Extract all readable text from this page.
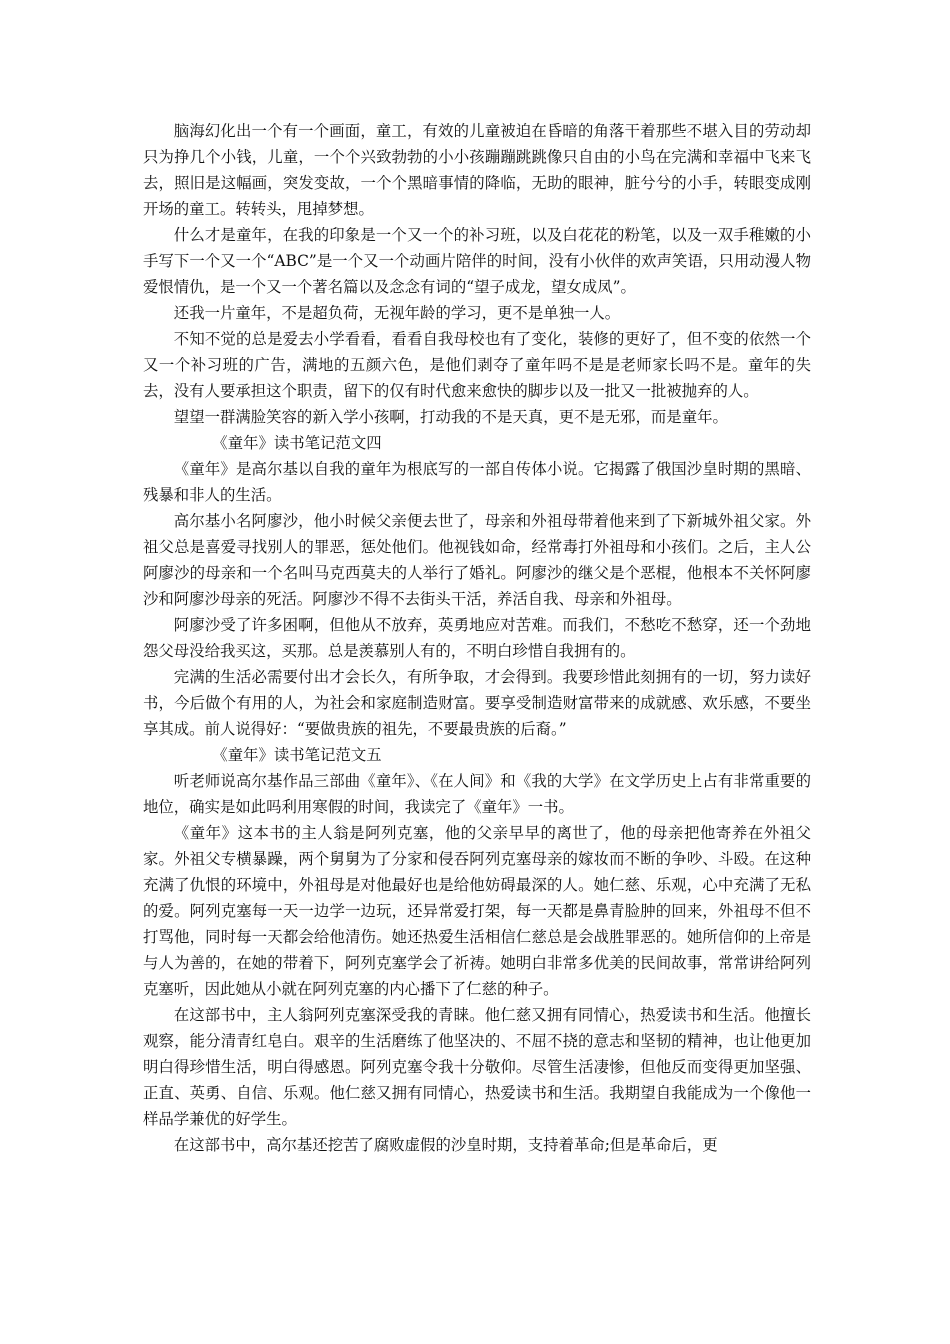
脑海幻化出一个有一个画面，童工，有效的儿童被迫在昏暗的角落干着那些不堪入目的劳动却只为挣几个小钱，儿童，一个个兴致勃勃的小小孩蹦蹦跳跳像只自由的小鸟在完满和幸福中飞来飞去，照旧是这幅画，突发变故，一个个黑暗事情的降临，无助的眼神，脏兮兮的小手，转眼变成刚开场的童工。转转头，甩掉梦想。

什么才是童年，在我的印象是一个又一个的补习班，以及白花花的粉笔，以及一双手稚嫩的小手写下一个又一个“ABC”是一个又一个动画片陪伴的时间，没有小伙伴的欢声笑语，只用动漫人物爱恨情仇，是一个又一个著名篇以及念念有词的“望子成龙，望女成凤”。

还我一片童年，不是超负荷，无视年龄的学习，更不是单独一人。

不知不觉的总是爱去小学看看，看看自我母校也有了变化，装修的更好了，但不变的依然一个又一个补习班的广告，满地的五颜六色，是他们剥夺了童年吗不是是老师家长吗不是。童年的失去，没有人要承担这个职责，留下的仅有时代愈来愈快的脚步以及一批又一批被抛弃的人。

望望一群满脸笑容的新入学小孩啊，打动我的不是天真，更不是无邪，而是童年。

《童年》读书笔记范文四

《童年》是高尔基以自我的童年为根底写的一部自传体小说。它揭露了俄国沙皇时期的黑暗、残暴和非人的生活。

高尔基小名阿廖沙，他小时候父亲便去世了，母亲和外祖母带着他来到了下新城外祖父家。外祖父总是喜爱寻找别人的罪恶，惩处他们。他视钱如命，经常毒打外祖母和小孩们。之后，主人公阿廖沙的母亲和一个名叫马克西莫夫的人举行了婚礼。阿廖沙的继父是个恶棍，他根本不关怀阿廖沙和阿廖沙母亲的死活。阿廖沙不得不去街头干活，养活自我、母亲和外祖母。

阿廖沙受了许多困啊，但他从不放弃，英勇地应对苦难。而我们，不愁吃不愁穿，还一个劲地怨父母没给我买这，买那。总是羡慕别人有的，不明白珍惜自我拥有的。

完满的生活必需要付出才会长久，有所争取，才会得到。我要珍惜此刻拥有的一切，努力读好书，今后做个有用的人，为社会和家庭制造财富。要享受制造财富带来的成就感、欢乐感，不要坐享其成。前人说得好：“要做贵族的祖先，不要最贵族的后裔。”

《童年》读书笔记范文五

听老师说高尔基作品三部曲《童年》、《在人间》和《我的大学》在文学历史上占有非常重要的地位，确实是如此吗利用寒假的时间，我读完了《童年》一书。

《童年》这本书的主人翁是阿列克塞，他的父亲早早的离世了，他的母亲把他寄养在外祖父家。外祖父专横暴躁，两个舅舅为了分家和侵吞阿列克塞母亲的嫁妆而不断的争吵、斗殴。在这种充满了仇恨的环境中，外祖母是对他最好也是给他妨碍最深的人。她仁慈、乐观，心中充满了无私的爱。阿列克塞每一天一边学一边玩，还异常爱打架，每一天都是鼻青脸肿的回来，外祖母不但不打骂他，同时每一天都会给他清伤。她还热爱生活相信仁慈总是会战胜罪恶的。她所信仰的上帝是与人为善的，在她的带着下，阿列克塞学会了祈祷。她明白非常多优美的民间故事，常常讲给阿列克塞听，因此她从小就在阿列克塞的内心播下了仁慈的种子。

在这部书中，主人翁阿列克塞深受我的青睐。他仁慈又拥有同情心，热爱读书和生活。他擅长观察，能分清青红皂白。艰辛的生活磨练了他坚决的、不屈不挠的意志和坚韧的精神，也让他更加明白得珍惜生活，明白得感恩。阿列克塞令我十分敬仰。尽管生活凄惨，但他反而变得更加坚强、正直、英勇、自信、乐观。他仁慈又拥有同情心，热爱读书和生活。我期望自我能成为一个像他一样品学兼优的好学生。

在这部书中，高尔基还挖苦了腐败虚假的沙皇时期，支持着革命;但是革命后，更
